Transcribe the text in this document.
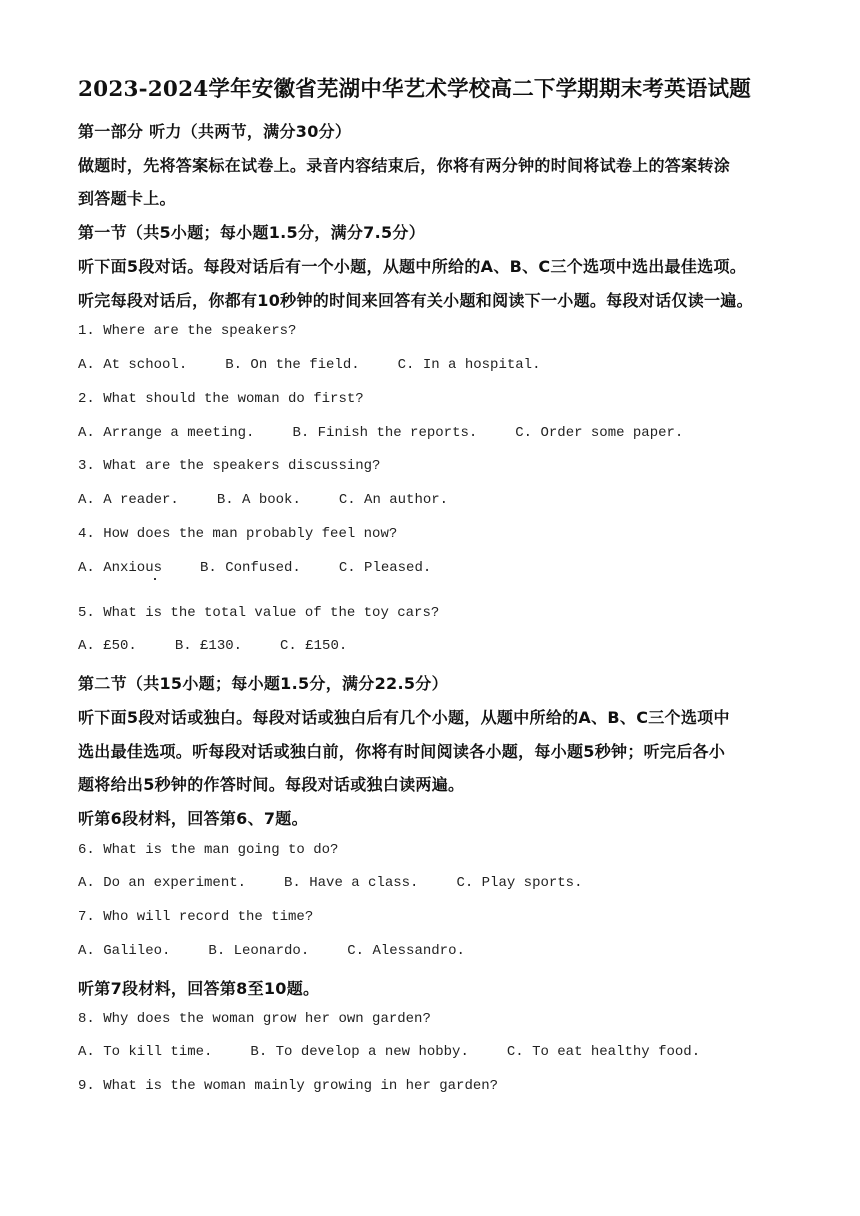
2023-2024学年安徽省芜湖中华艺术学校高二下学期期末考英语试题
第一部分 听力（共两节，满分30分）
做题时，先将答案标在试卷上。录音内容结束后，你将有两分钟的时间将试卷上的答案转涂
到答题卡上。
第一节（共5小题；每小题1.5分，满分7.5分）
听下面5段对话。每段对话后有一个小题，从题中所给的A、B、C三个选项中选出最佳选项。
听完每段对话后，你都有10秒钟的时间来回答有关小题和阅读下一小题。每段对话仅读一遍。
1. Where are the speakers?
A. At school.	B. On the field.	C. In a hospital.
2. What should the woman do first?
A. Arrange a meeting.	B. Finish the reports.	C. Order some paper.
3. What are the speakers discussing?
A. A reader.	B. A book.	C. An author.
4. How does the man probably feel now?
A. Anxious	B. Confused.	C. Pleased.
5. What is the total value of the toy cars?
A. £50.	B. £130.	C. £150.
第二节（共15小题；每小题1.5分，满分22.5分）
听下面5段对话或独白。每段对话或独白后有几个小题，从题中所给的A、B、C三个选项中
选出最佳选项。听每段对话或独白前，你将有时间阅读各小题，每小题5秒钟；听完后各小
题将给出5秒钟的作答时间。每段对话或独白读两遍。
听第6段材料，回答第6、7题。
6. What is the man going to do?
A. Do an experiment.	B. Have a class.	C. Play sports.
7. Who will record the time?
A. Galileo.	B. Leonardo.	C. Alessandro.
听第7段材料，回答第8至10题。
8. Why does the woman grow her own garden?
A. To kill time.	B. To develop a new hobby.	C. To eat healthy food.
9. What is the woman mainly growing in her garden?
